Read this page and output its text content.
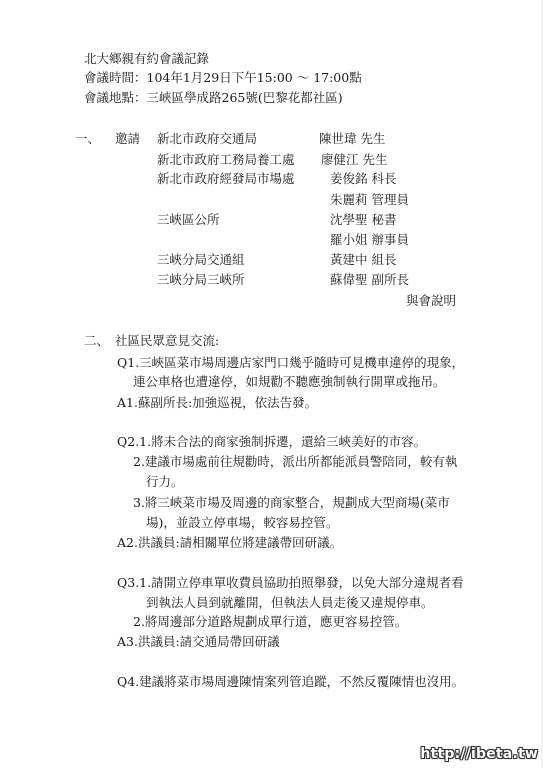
北大鄉親有約會議記錄
會議時間：104年1月29日下午15:00 ～ 17:00點
會議地點：三峽區學成路265號(巴黎花都社區)
一、 邀請 新北市政府交通局	陳世瑋 先生
新北市政府工務局養工處 廖健江 先生
新北市政府經發局市場處	姜俊銘 科長
朱麗莉 管理員
三峽區公所	沈學聖 秘書
羅小姐 辦事員
三峽分局交通組	黃建中 組長
三峽分局三峽所	蘇偉聖 副所長
與會說明
二、 社區民眾意見交流:
Q1.三峽區菜市場周邊店家門口幾乎隨時可見機車違停的現象，
連公車格也遭違停，如規勸不聽應強制執行開單或拖吊。
A1.蘇副所長:加強巡視，依法告發。
Q2.1.將未合法的商家強制拆遷，還給三峽美好的市容。
2.建議市場處前往規勸時，派出所都能派員警陪同，較有執
行力。
3.將三峽菜市場及周邊的商家整合，規劃成大型商場(菜市
場)，並設立停車場，較容易控管。
A2.洪議員:請相關單位將建議帶回研議。
Q3.1.請開立停車單收費員協助拍照舉發，以免大部分違規者看
到執法人員到就離開，但執法人員走後又違規停車。
2.將周邊部分道路規劃成單行道，應更容易控管。
A3.洪議員:請交通局帶回研議
Q4.建議將菜市場周邊陳情案列管追蹤，不然反覆陳情也沒用。
http://ibeta.tw
